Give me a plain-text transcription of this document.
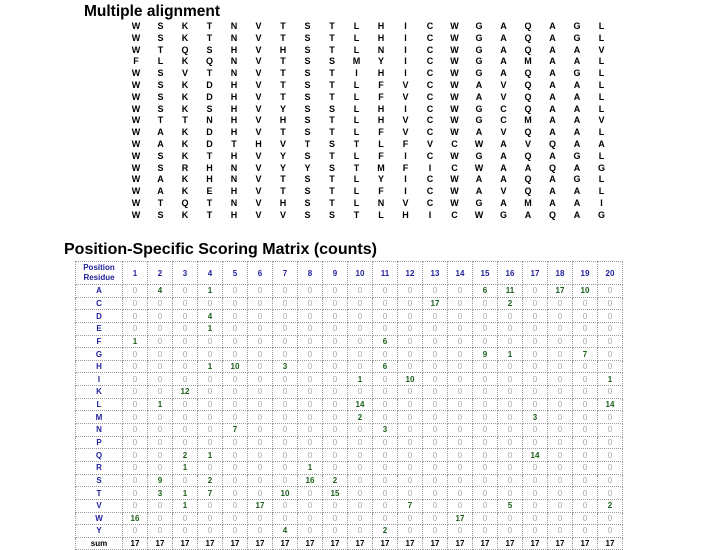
Multiple alignment
W	S	K	T	N	V	T	S	T	L	H	I	C	W	G	A	Q	A	G	L
W	S	K	T	N	V	T	S	T	L	H	I	C	W	G	A	Q	A	G	L
W	T	Q	S	H	V	H	S	T	L	N	I	C	W	G	A	Q	A	A	V
F	L	K	Q	N	V	T	S	S	M	Y	I	C	W	G	A	M	A	A	L
W	S	V	T	N	V	T	S	T	I	H	I	C	W	G	A	Q	A	G	L
W	S	K	D	H	V	T	S	T	L	F	V	C	W	A	V	Q	A	A	L
W	S	K	D	H	V	T	S	T	L	F	V	C	W	A	V	Q	A	A	L
W	S	K	S	H	V	Y	S	S	L	H	I	C	W	G	C	Q	A	A	L
W	T	T	N	H	V	H	S	T	L	H	V	C	W	G	C	M	A	A	V
W	A	K	D	H	V	T	S	T	L	F	V	C	W	A	V	Q	A	A	L
W	A	K	D	T	H	V	T	S	T	L	F	V	C	W	A	V	Q	A	A
W	S	K	T	H	V	Y	S	T	L	F	I	C	W	G	A	Q	A	G	L
W	S	R	H	N	V	Y	Y	S	T	M	F	I	C	W	A	A	Q	A	G
W	A	K	H	N	V	T	S	T	L	Y	I	C	W	A	A	Q	A	G	L
W	A	K	E	H	V	T	S	T	L	F	I	C	W	A	V	Q	A	A	L
W	T	Q	T	N	V	H	S	T	L	N	V	C	W	G	A	M	A	A	I
W	S	K	T	H	V	V	S	S	T	L	H	I	C	W	G	A	Q	A	G
Position-Specific Scoring Matrix (counts)
Position
Residue	1	2	3	4	5	6	7	8	9	10	11	12	13	14	15	16	17	18	19	20
A	0	4	0	1	0	0	0	0	0	0	0	0	0	0	6	11	0	17	10	0
C	0	0	0	0	0	0	0	0	0	0	0	0	17	0	0	2	0	0	0	0
D	0	0	0	4	0	0	0	0	0	0	0	0	0	0	0	0	0	0	0	0
E	0	0	0	1	0	0	0	0	0	0	0	0	0	0	0	0	0	0	0	0
F	1	0	0	0	0	0	0	0	0	0	6	0	0	0	0	0	0	0	0	0
G	0	0	0	0	0	0	0	0	0	0	0	0	0	0	9	1	0	0	7	0
H	0	0	0	1	10	0	3	0	0	0	6	0	0	0	0	0	0	0	0	0
I	0	0	0	0	0	0	0	0	0	1	0	10	0	0	0	0	0	0	0	1
K	0	0	12	0	0	0	0	0	0	0	0	0	0	0	0	0	0	0	0	0
L	0	1	0	0	0	0	0	0	0	14	0	0	0	0	0	0	0	0	0	14
M	0	0	0	0	0	0	0	0	0	2	0	0	0	0	0	0	3	0	0	0
N	0	0	0	0	7	0	0	0	0	0	3	0	0	0	0	0	0	0	0	0
P	0	0	0	0	0	0	0	0	0	0	0	0	0	0	0	0	0	0	0	0
Q	0	0	2	1	0	0	0	0	0	0	0	0	0	0	0	0	14	0	0	0
R	0	0	1	0	0	0	0	1	0	0	0	0	0	0	0	0	0	0	0	0
S	0	9	0	2	0	0	0	16	2	0	0	0	0	0	0	0	0	0	0	0
T	0	3	1	7	0	0	10	0	15	0	0	0	0	0	0	0	0	0	0	0
V	0	0	1	0	0	17	0	0	0	0	0	7	0	0	0	5	0	0	0	2
W	16	0	0	0	0	0	0	0	0	0	0	0	0	17	0	0	0	0	0	0
Y	0	0	0	0	0	0	4	0	0	0	2	0	0	0	0	0	0	0	0	0
sum	17	17	17	17	17	17	17	17	17	17	17	17	17	17	17	17	17	17	17	17
